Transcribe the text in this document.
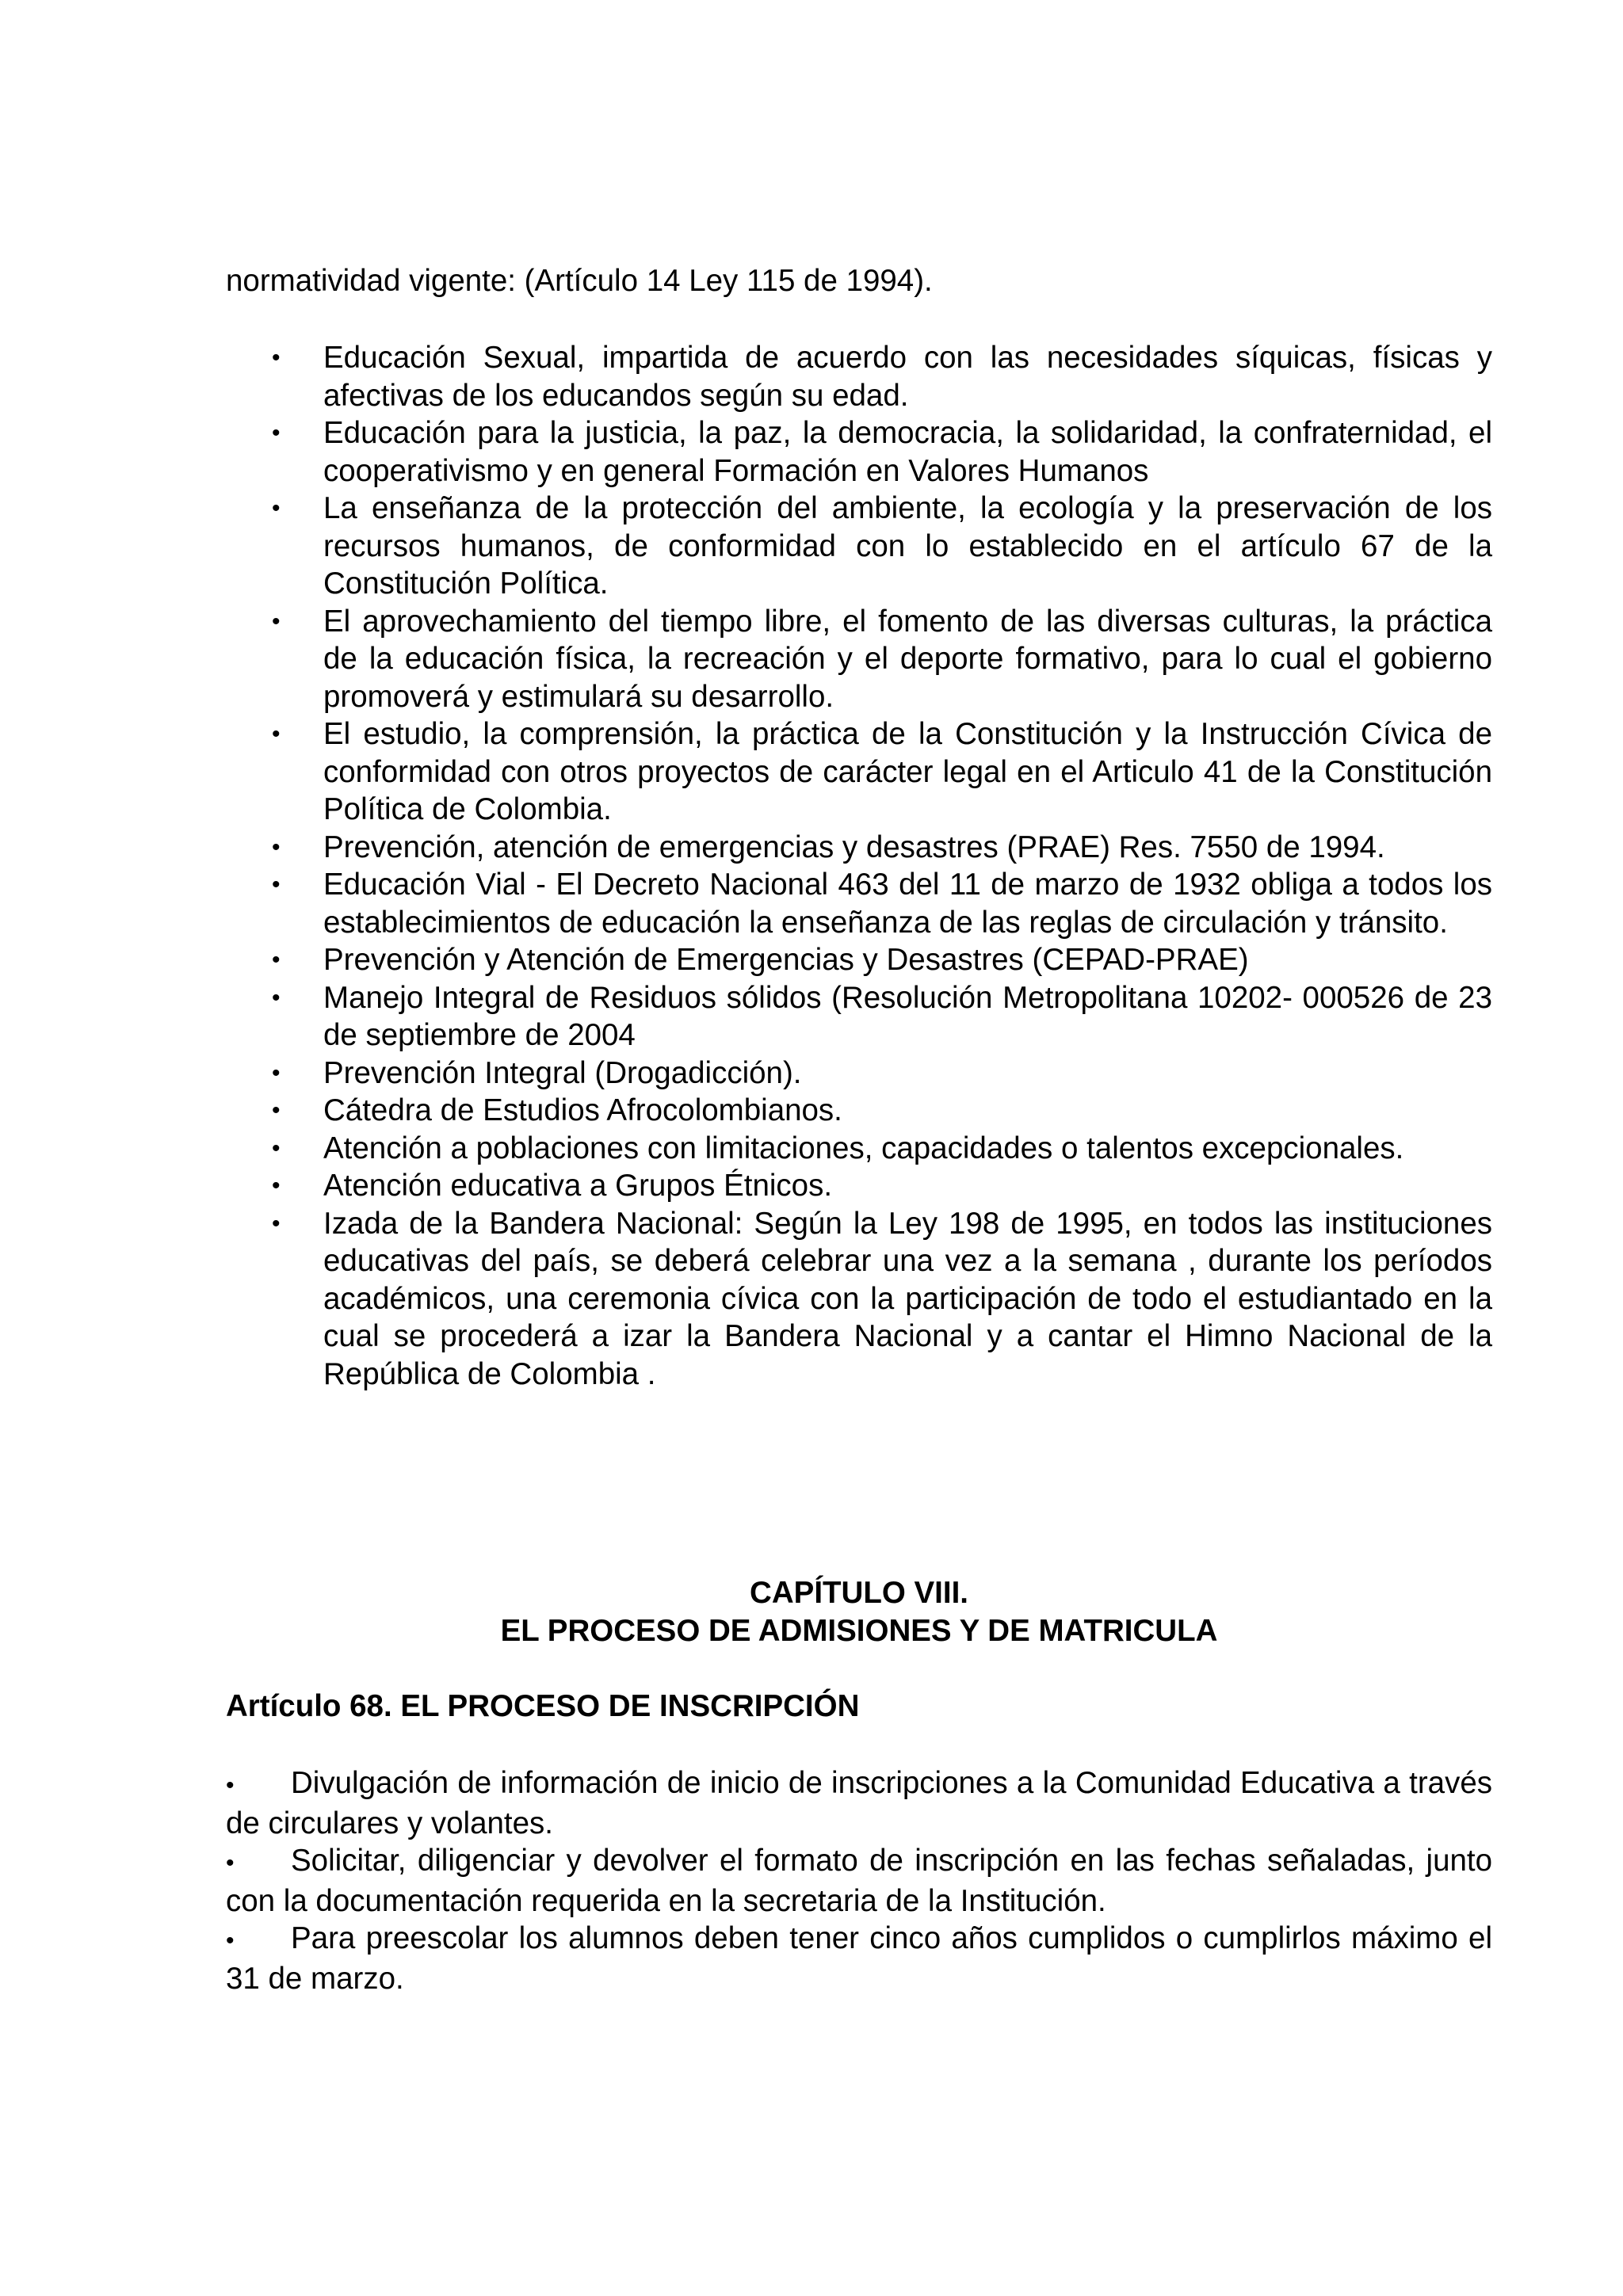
normatividad vigente: (Artículo 14 Ley 115 de 1994).
• Educación Sexual, impartida de acuerdo con las necesidades síquicas, físicas y afectivas de los educandos según su edad.
• Educación para la justicia, la paz, la democracia, la solidaridad, la confraternidad, el cooperativismo y en general Formación en Valores Humanos
• La enseñanza de la protección del ambiente, la ecología y la preservación de los recursos humanos, de conformidad con lo establecido en el artículo 67 de la Constitución Política.
• El aprovechamiento del tiempo libre, el fomento de las diversas culturas, la práctica de la educación física, la recreación y el deporte formativo, para lo cual el gobierno promoverá y estimulará su desarrollo.
• El estudio, la comprensión, la práctica de la Constitución y la Instrucción Cívica de conformidad con otros proyectos de carácter legal en el Articulo 41 de la Constitución Política de Colombia.
• Prevención, atención de emergencias y desastres (PRAE) Res. 7550 de 1994.
• Educación Vial - El Decreto Nacional 463 del 11 de marzo de 1932 obliga a todos los establecimientos de educación la enseñanza de las reglas de circulación y tránsito.
• Prevención y Atención de Emergencias y Desastres (CEPAD-PRAE)
• Manejo Integral de Residuos sólidos (Resolución Metropolitana 10202- 000526 de 23 de septiembre de 2004
• Prevención Integral (Drogadicción).
• Cátedra de Estudios Afrocolombianos.
• Atención a poblaciones con limitaciones, capacidades o talentos excepcionales.
• Atención educativa a Grupos Étnicos.
• Izada de la Bandera Nacional: Según la Ley 198 de 1995, en todos las instituciones educativas del país, se deberá celebrar una vez a la semana , durante los períodos académicos, una ceremonia cívica con la participación de todo el estudiantado en la cual se procederá a izar la Bandera Nacional y a cantar el Himno Nacional de la República de Colombia .
CAPÍTULO VIII.
EL PROCESO DE ADMISIONES Y DE MATRICULA
Artículo 68. EL PROCESO DE INSCRIPCIÓN
• Divulgación de información de inicio de inscripciones a la Comunidad Educativa a través de circulares y volantes.
• Solicitar, diligenciar y devolver el formato de inscripción en las fechas señaladas, junto con la documentación requerida en la secretaria de la Institución.
• Para preescolar los alumnos deben tener cinco años cumplidos o cumplirlos máximo el 31 de marzo.
